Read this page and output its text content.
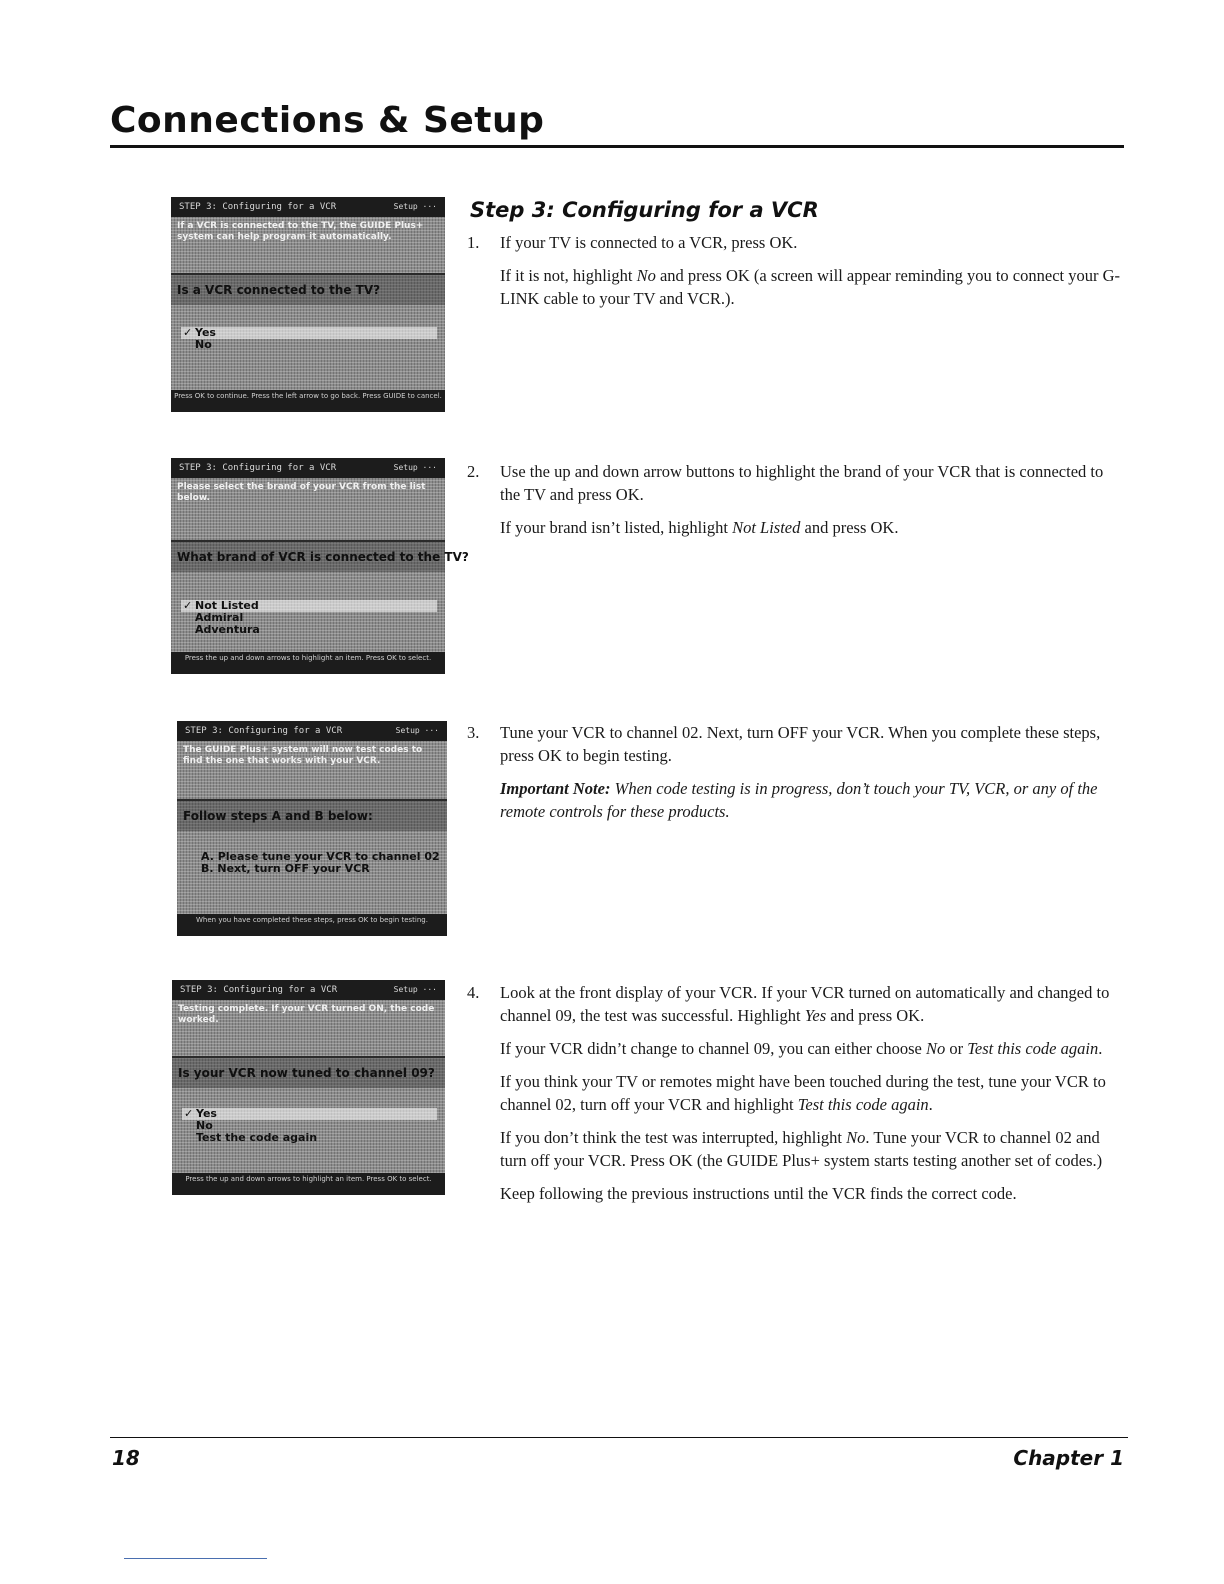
Connections & Setup
STEP 3: Configuring for a VCR	Setup ···
If a VCR is connected to the TV, the GUIDE Plus+ system can help program it automatically.
Is a VCR connected to the TV?
✓ Yes
No
Press OK to continue. Press the left arrow to go back. Press GUIDE to cancel.
STEP 3: Configuring for a VCR	Setup ···
Please select the brand of your VCR from the list below.
What brand of VCR is connected to the TV?
✓ Not Listed
Admiral
Adventura
Press the up and down arrows to highlight an item. Press OK to select.
STEP 3: Configuring for a VCR	Setup ···
The GUIDE Plus+ system will now test codes to find the one that works with your VCR.
Follow steps A and B below:
A. Please tune your VCR to channel 02
B. Next, turn OFF your VCR
When you have completed these steps, press OK to begin testing.
STEP 3: Configuring for a VCR	Setup ···
Testing complete. If your VCR turned ON, the code worked.
Is your VCR now tuned to channel 09?
✓ Yes
No
Test the code again
Press the up and down arrows to highlight an item. Press OK to select.
Step 3: Configuring for a VCR
1. If your TV is connected to a VCR, press OK.

If it is not, highlight No and press OK (a screen will appear reminding you to connect your G-LINK cable to your TV and VCR.).

2. Use the up and down arrow buttons to highlight the brand of your VCR that is connected to the TV and press OK.

If your brand isn’t listed, highlight Not Listed and press OK.

3. Tune your VCR to channel 02. Next, turn OFF your VCR. When you complete these steps, press OK to begin testing.

Important Note: When code testing is in progress, don’t touch your TV, VCR, or any of the remote controls for these products.

4. Look at the front display of your VCR. If your VCR turned on automatically and changed to channel 09, the test was successful. Highlight Yes and press OK.

If your VCR didn’t change to channel 09, you can either choose No or Test this code again.

If you think your TV or remotes might have been touched during the test, tune your VCR to channel 02, turn off your VCR and highlight Test this code again.

If you don’t think the test was interrupted, highlight No. Tune your VCR to channel 02 and turn off your VCR. Press OK (the GUIDE Plus+ system starts testing another set of codes.)

Keep following the previous instructions until the VCR finds the correct code.

18	Chapter 1
